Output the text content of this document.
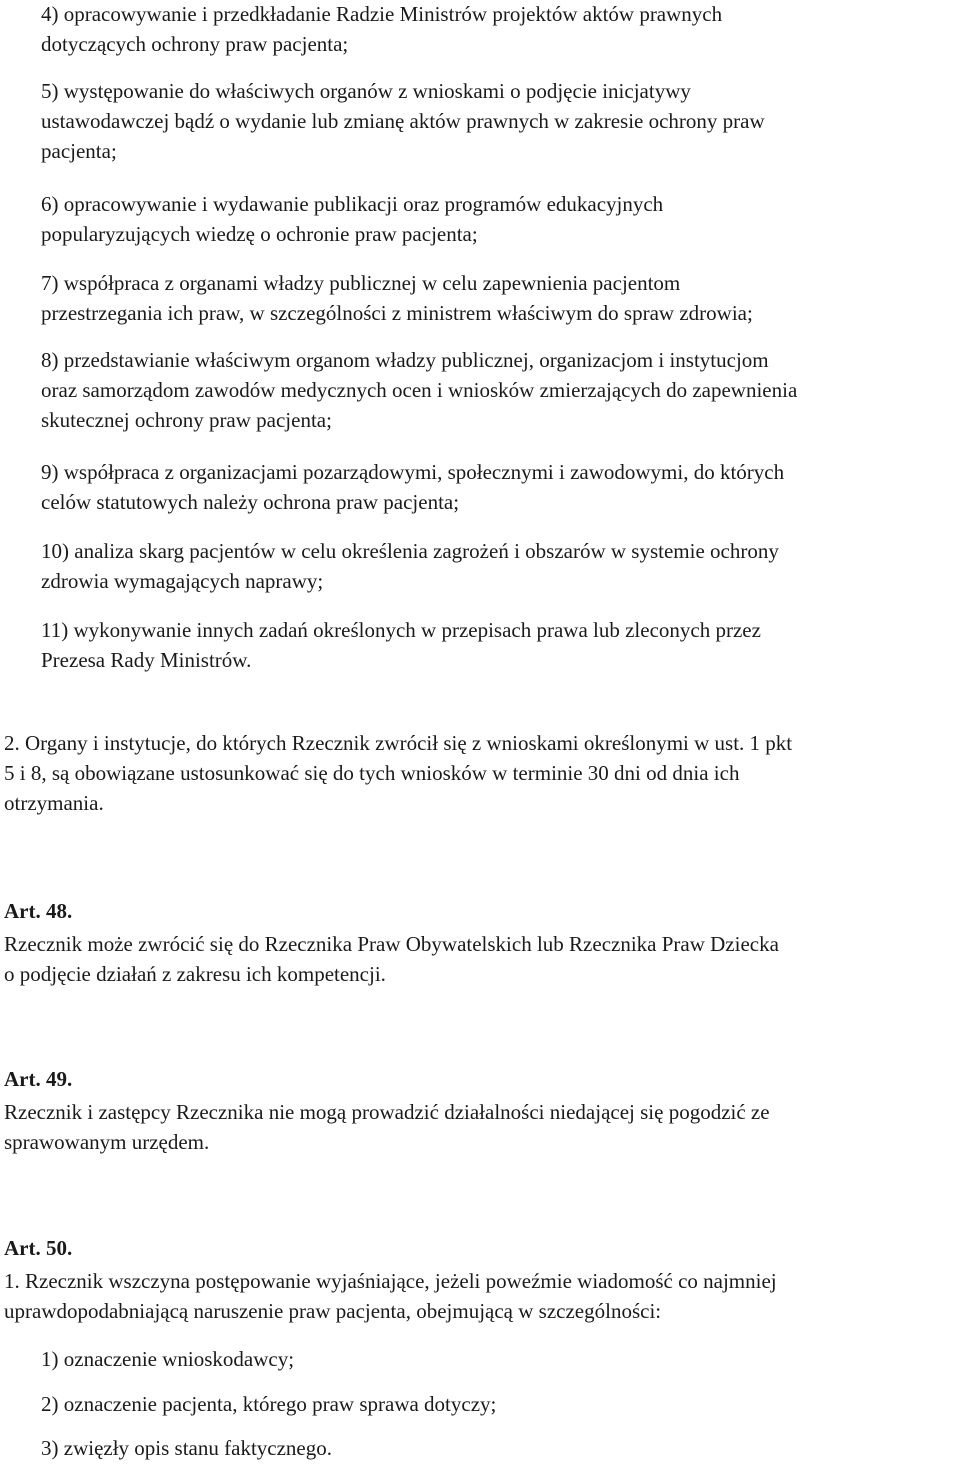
4) opracowywanie i przedkładanie Radzie Ministrów projektów aktów prawnych
dotyczących ochrony praw pacjenta;

5) występowanie do właściwych organów z wnioskami o podjęcie inicjatywy
ustawodawczej bądź o wydanie lub zmianę aktów prawnych w zakresie ochrony praw
pacjenta;

6) opracowywanie i wydawanie publikacji oraz programów edukacyjnych
popularyzujących wiedzę o ochronie praw pacjenta;

7) współpraca z organami władzy publicznej w celu zapewnienia pacjentom
przestrzegania ich praw, w szczególności z ministrem właściwym do spraw zdrowia;

8) przedstawianie właściwym organom władzy publicznej, organizacjom i instytucjom
oraz samorządom zawodów medycznych ocen i wniosków zmierzających do zapewnienia
skutecznej ochrony praw pacjenta;

9) współpraca z organizacjami pozarządowymi, społecznymi i zawodowymi, do których
celów statutowych należy ochrona praw pacjenta;

10) analiza skarg pacjentów w celu określenia zagrożeń i obszarów w systemie ochrony
zdrowia wymagających naprawy;

11) wykonywanie innych zadań określonych w przepisach prawa lub zleconych przez
Prezesa Rady Ministrów.

2. Organy i instytucje, do których Rzecznik zwrócił się z wnioskami określonymi w ust. 1 pkt
5 i 8, są obowiązane ustosunkować się do tych wniosków w terminie 30 dni od dnia ich
otrzymania.

Art. 48.

Rzecznik może zwrócić się do Rzecznika Praw Obywatelskich lub Rzecznika Praw Dziecka
o podjęcie działań z zakresu ich kompetencji.

Art. 49.

Rzecznik i zastępcy Rzecznika nie mogą prowadzić działalności niedającej się pogodzić ze
sprawowanym urzędem.

Art. 50.

1. Rzecznik wszczyna postępowanie wyjaśniające, jeżeli poweźmie wiadomość co najmniej
uprawdopodabniającą naruszenie praw pacjenta, obejmującą w szczególności:

1) oznaczenie wnioskodawcy;

2) oznaczenie pacjenta, którego praw sprawa dotyczy;

3) zwięzły opis stanu faktycznego.
